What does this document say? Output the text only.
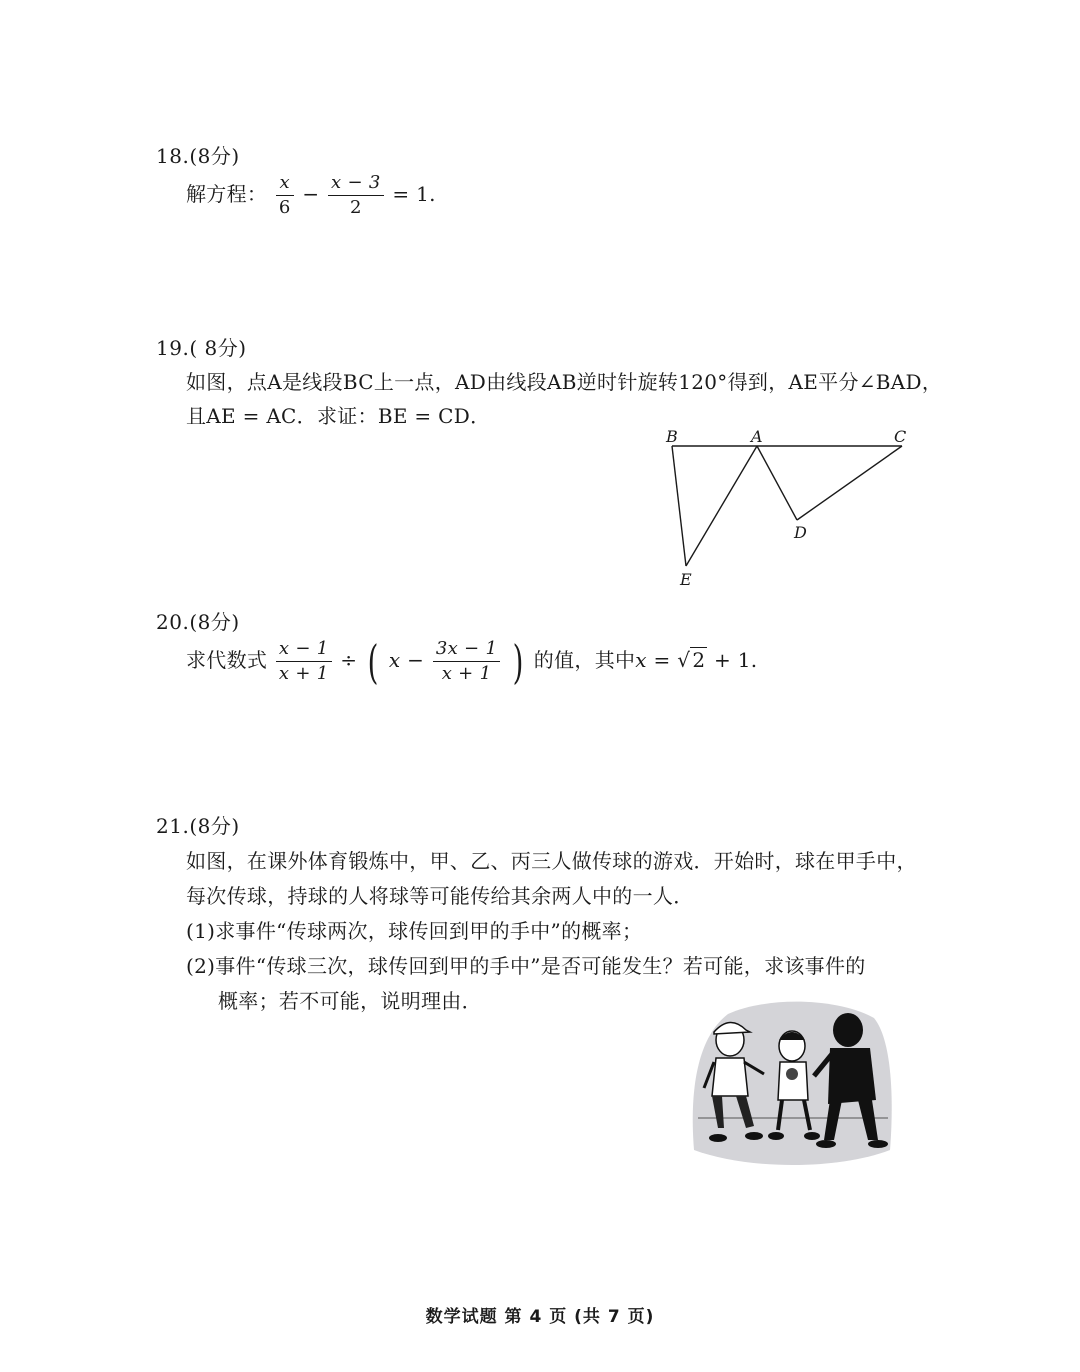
18.(8分)
解方程： $\frac{x}{6} - \frac{x - 3}{2} = 1$.
19.( 8分)
如图，点A是线段BC上一点，AD由线段AB逆时针旋转120°得到，AE平分∠BAD，
且AE = AC．求证：BE = CD．
B	A	C
D
E
20.(8分)
求代数式 $\frac{x - 1}{x + 1}$ ÷ ( $x - \frac{3x - 1}{x + 1}$ ) 的值，其中x = √ 2 + 1.
21.(8分)
如图，在课外体育锻炼中，甲、乙、丙三人做传球的游戏．开始时，球在甲手中，
每次传球，持球的人将球等可能传给其余两人中的一人．
(1)求事件“传球两次，球传回到甲的手中”的概率；
(2)事件“传球三次，球传回到甲的手中”是否可能发生？若可能，求该事件的
概率；若不可能，说明理由．
数学试题 第 4 页 (共 7 页)
